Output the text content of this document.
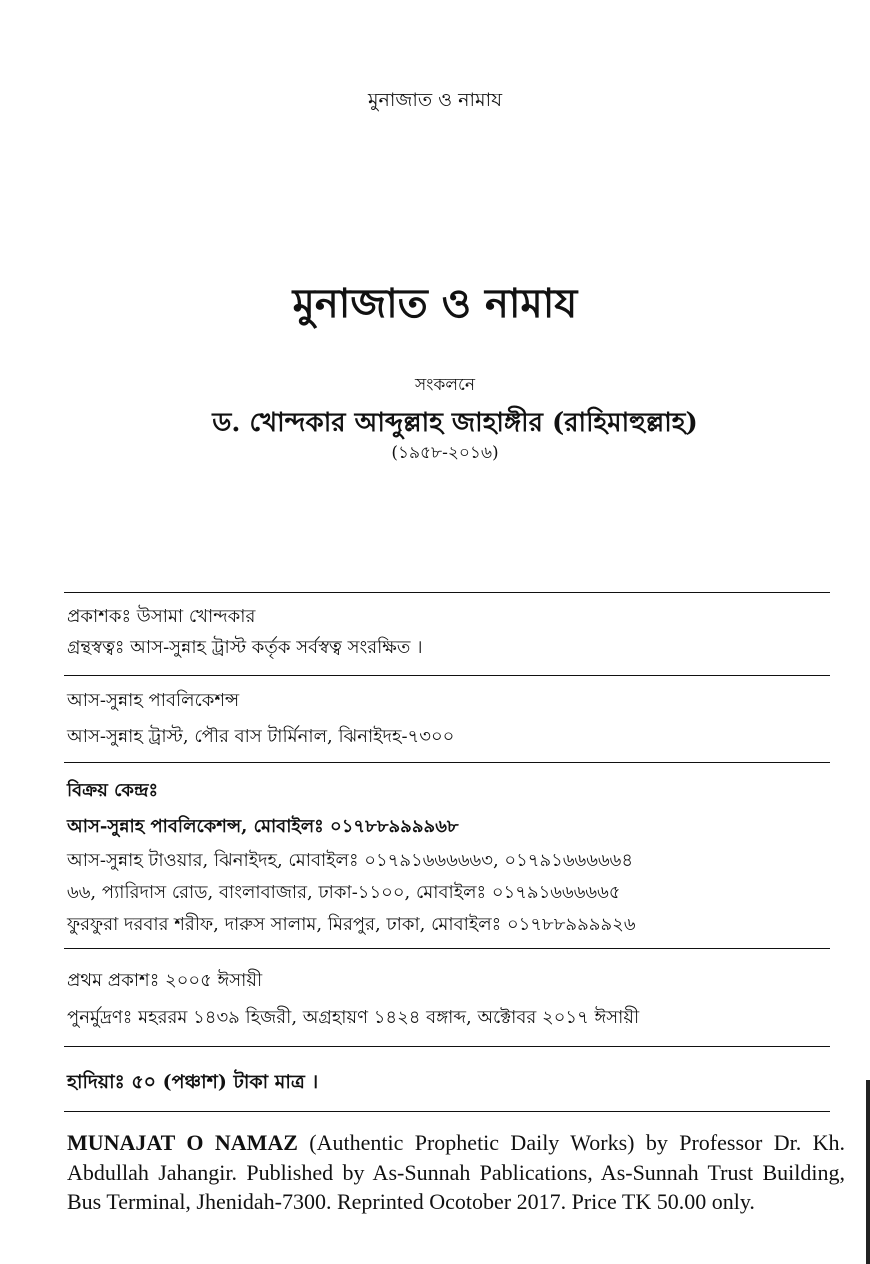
মুনাজাত ও নামায
মুনাজাত ও নামায
সংকলনে
ড. খোন্দকার আব্দুল্লাহ জাহাঙ্গীর (রাহিমাহুল্লাহ)
(১৯৫৮-২০১৬)
প্রকাশকঃ উসামা খোন্দকার
গ্রন্থস্বত্বঃ আস-সুন্নাহ ট্রাস্ট কর্তৃক সর্বস্বত্ব সংরক্ষিত ।
আস-সুন্নাহ পাবলিকেশন্স
আস-সুন্নাহ ট্রাস্ট, পৌর বাস টার্মিনাল, ঝিনাইদহ-৭৩০০
বিক্রয় কেন্দ্রঃ
আস-সুন্নাহ পাবলিকেশন্স, মোবাইলঃ ০১৭৮৮৯৯৯৯৬৮
আস-সুন্নাহ টাওয়ার, ঝিনাইদহ, মোবাইলঃ ০১৭৯১৬৬৬৬৬৩, ০১৭৯১৬৬৬৬৬৪
৬৬, প্যারিদাস রোড, বাংলাবাজার, ঢাকা-১১০০, মোবাইলঃ ০১৭৯১৬৬৬৬৬৫
ফুরফুরা দরবার শরীফ, দারুস সালাম, মিরপুর, ঢাকা, মোবাইলঃ ০১৭৮৮৯৯৯৯২৬
প্রথম প্রকাশঃ ২০০৫ ঈসায়ী
পুনর্মুদ্রণঃ মহররম ১৪৩৯ হিজরী, অগ্রহায়ণ ১৪২৪ বঙ্গাব্দ, অক্টোবর ২০১৭ ঈসায়ী
হাদিয়াঃ ৫০ (পঞ্চাশ) টাকা মাত্র ।
MUNAJAT O NAMAZ (Authentic Prophetic Daily Works) by Professor Dr. Kh. Abdullah Jahangir. Published by As-Sunnah Pablications, As-Sunnah Trust Building, Bus Terminal, Jhenidah-7300. Reprinted Ocotober 2017. Price TK 50.00 only.
